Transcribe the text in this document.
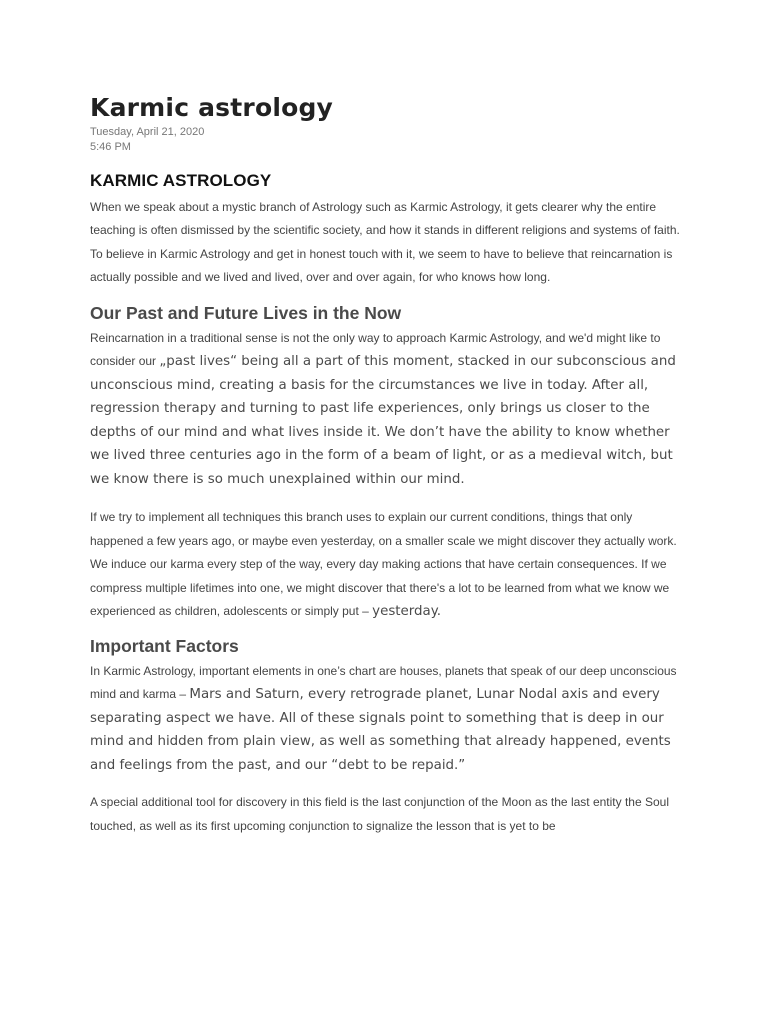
Karmic astrology
Tuesday, April 21, 2020
5:46 PM
KARMIC ASTROLOGY

When we speak about a mystic branch of Astrology such as Karmic Astrology, it gets clearer why the entire teaching is often dismissed by the scientific society, and how it stands in different religions and systems of faith. To believe in Karmic Astrology and get in honest touch with it, we seem to have to believe that reincarnation is actually possible and we lived and lived, over and over again, for who knows how long.

Our Past and Future Lives in the Now

Reincarnation in a traditional sense is not the only way to approach Karmic Astrology, and we'd might like to consider our „past lives“ being all a part of this moment, stacked in our subconscious and unconscious mind, creating a basis for the circumstances we live in today. After all, regression therapy and turning to past life experiences, only brings us closer to the depths of our mind and what lives inside it. We don’t have the ability to know whether we lived three centuries ago in the form of a beam of light, or as a medieval witch, but we know there is so much unexplained within our mind.

If we try to implement all techniques this branch uses to explain our current conditions, things that only happened a few years ago, or maybe even yesterday, on a smaller scale we might discover they actually work. We induce our karma every step of the way, every day making actions that have certain consequences. If we compress multiple lifetimes into one, we might discover that there's a lot to be learned from what we know we experienced as children, adolescents or simply put – yesterday.

Important Factors

In Karmic Astrology, important elements in one’s chart are houses, planets that speak of our deep unconscious mind and karma – Mars and Saturn, every retrograde planet, Lunar Nodal axis and every separating aspect we have. All of these signals point to something that is deep in our mind and hidden from plain view, as well as something that already happened, events and feelings from the past, and our “debt to be repaid.”

A special additional tool for discovery in this field is the last conjunction of the Moon as the last entity the Soul touched, as well as its first upcoming conjunction to signalize the lesson that is yet to be
